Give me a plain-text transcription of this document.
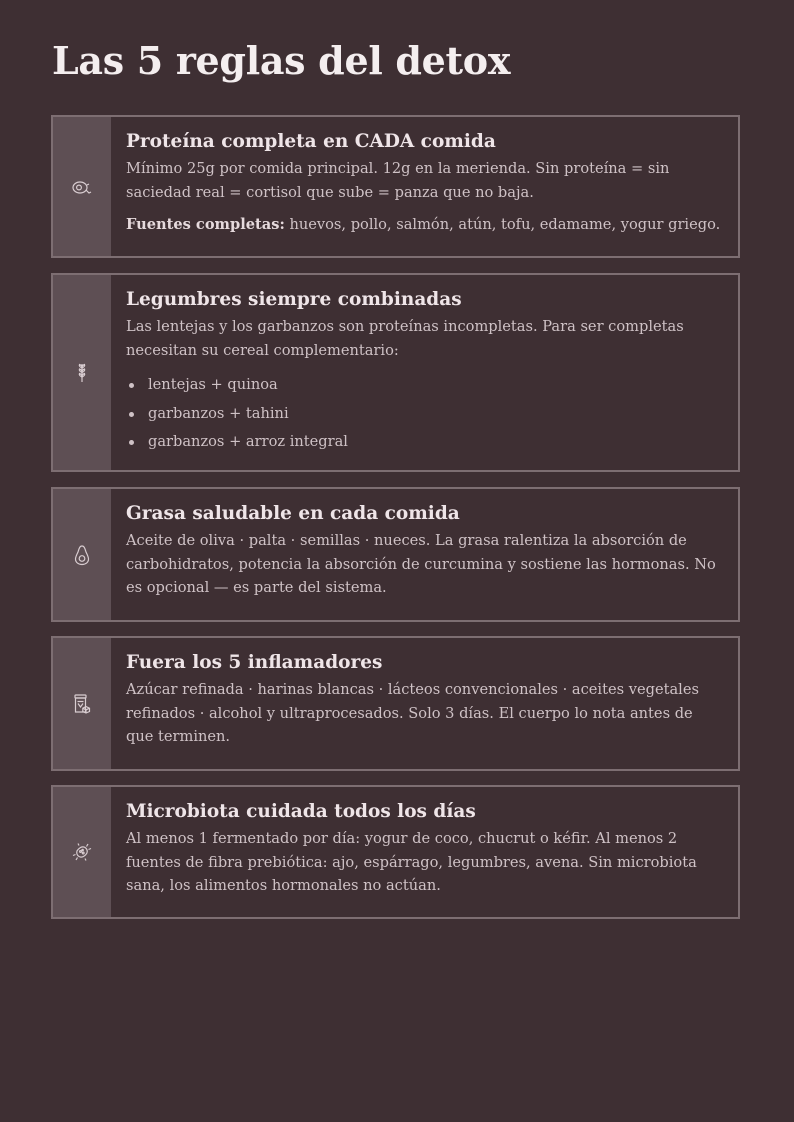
Las 5 reglas del detox
Proteína completa en CADA comida

Mínimo 25g por comida principal. 12g en la merienda. Sin proteína = sin saciedad real = cortisol que sube = panza que no baja.

Fuentes completas: huevos, pollo, salmón, atún, tofu, edamame, yogur griego.

Legumbres siempre combinadas

Las lentejas y los garbanzos son proteínas incompletas. Para ser completas necesitan su cereal complementario:

lentejas + quinoa
garbanzos + tahini
garbanzos + arroz integral
Grasa saludable en cada comida

Aceite de oliva · palta · semillas · nueces. La grasa ralentiza la absorción de carbohidratos, potencia la absorción de curcumina y sostiene las hormonas. No es opcional — es parte del sistema.

Fuera los 5 inflamadores

Azúcar refinada · harinas blancas · lácteos convencionales · aceites vegetales refinados · alcohol y ultraprocesados. Solo 3 días. El cuerpo lo nota antes de que terminen.

Microbiota cuidada todos los días

Al menos 1 fermentado por día: yogur de coco, chucrut o kéfir. Al menos 2 fuentes de fibra prebiótica: ajo, espárrago, legumbres, avena. Sin microbiota sana, los alimentos hormonales no actúan.
